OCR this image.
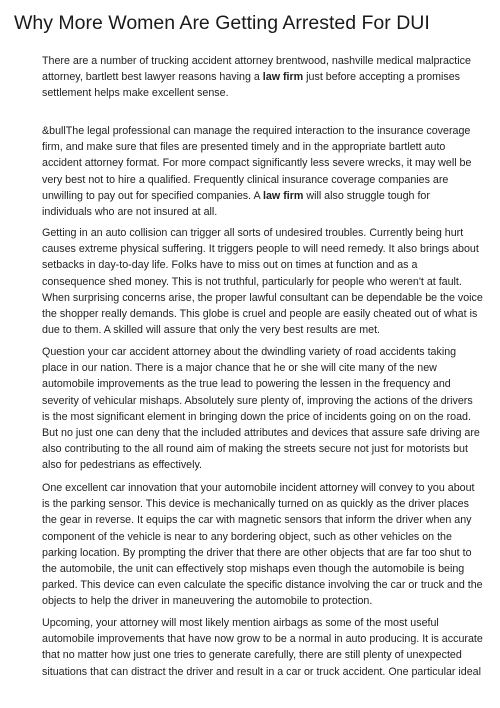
Why More Women Are Getting Arrested For DUI

There are a number of trucking accident attorney brentwood, nashville medical malpractice
attorney, bartlett best lawyer reasons having a law firm just before accepting a promises
settlement helps make excellent sense.

&bullThe legal professional can manage the required interaction to the insurance coverage
firm, and make sure that files are presented timely and in the appropriate bartlett auto
accident attorney format. For more compact significantly less severe wrecks, it may well be
very best not to hire a qualified. Frequently clinical insurance coverage companies are
unwilling to pay out for specified companies. A law firm will also struggle tough for
individuals who are not insured at all.

Getting in an auto collision can trigger all sorts of undesired troubles. Currently being hurt
causes extreme physical suffering. It triggers people to will need remedy. It also brings about
setbacks in day-to-day life. Folks have to miss out on times at function and as a
consequence shed money. This is not truthful, particularly for people who weren't at fault.
When surprising concerns arise, the proper lawful consultant can be dependable be the voice
the shopper really demands. This globe is cruel and people are easily cheated out of what is
due to them. A skilled will assure that only the very best results are met.

Question your car accident attorney about the dwindling variety of road accidents taking
place in our nation. There is a major chance that he or she will cite many of the new
automobile improvements as the true lead to powering the lessen in the frequency and
severity of vehicular mishaps. Absolutely sure plenty of, improving the actions of the drivers
is the most significant element in bringing down the price of incidents going on on the road.
But no just one can deny that the included attributes and devices that assure safe driving are
also contributing to the all round aim of making the streets secure not just for motorists but
also for pedestrians as effectively.

One excellent car innovation that your automobile incident attorney will convey to you about
is the parking sensor. This device is mechanically turned on as quickly as the driver places
the gear in reverse. It equips the car with magnetic sensors that inform the driver when any
component of the vehicle is near to any bordering object, such as other vehicles on the
parking location. By prompting the driver that there are other objects that are far too shut to
the automobile, the unit can effectively stop mishaps even though the automobile is being
parked. This device can even calculate the specific distance involving the car or truck and the
objects to help the driver in maneuvering the automobile to protection.

Upcoming, your attorney will most likely mention airbags as some of the most useful
automobile improvements that have now grow to be a normal in auto producing. It is accurate
that no matter how just one tries to generate carefully, there are still plenty of unexpected
situations that can distract the driver and result in a car or truck accident. One particular ideal
